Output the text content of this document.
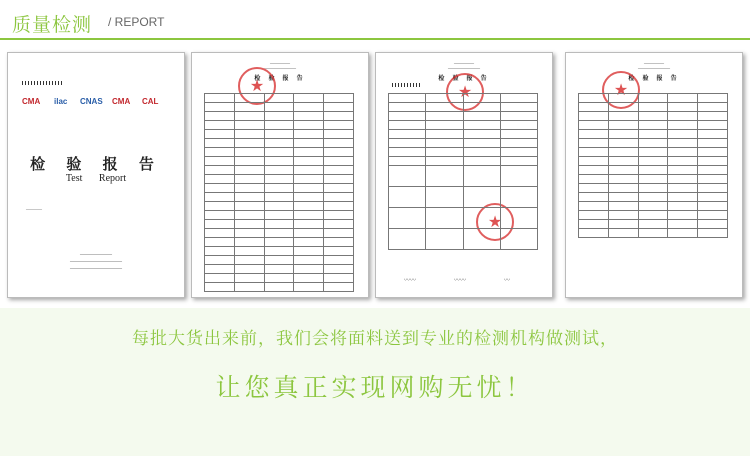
质量检测 / REPORT
CMA ilac CNAS CMA CAL
检 验 报 告
Test Report
________
________________
__________________________
__________________________
__________
________________
检 验 报 告
★

__________
________________
检 验 报 告
★
★

〰〰	〰〰	〰
__________
________________
检 验 报 告
★

每批大货出来前，我们会将面料送到专业的检测机构做测试，
让您真正实现网购无忧！
